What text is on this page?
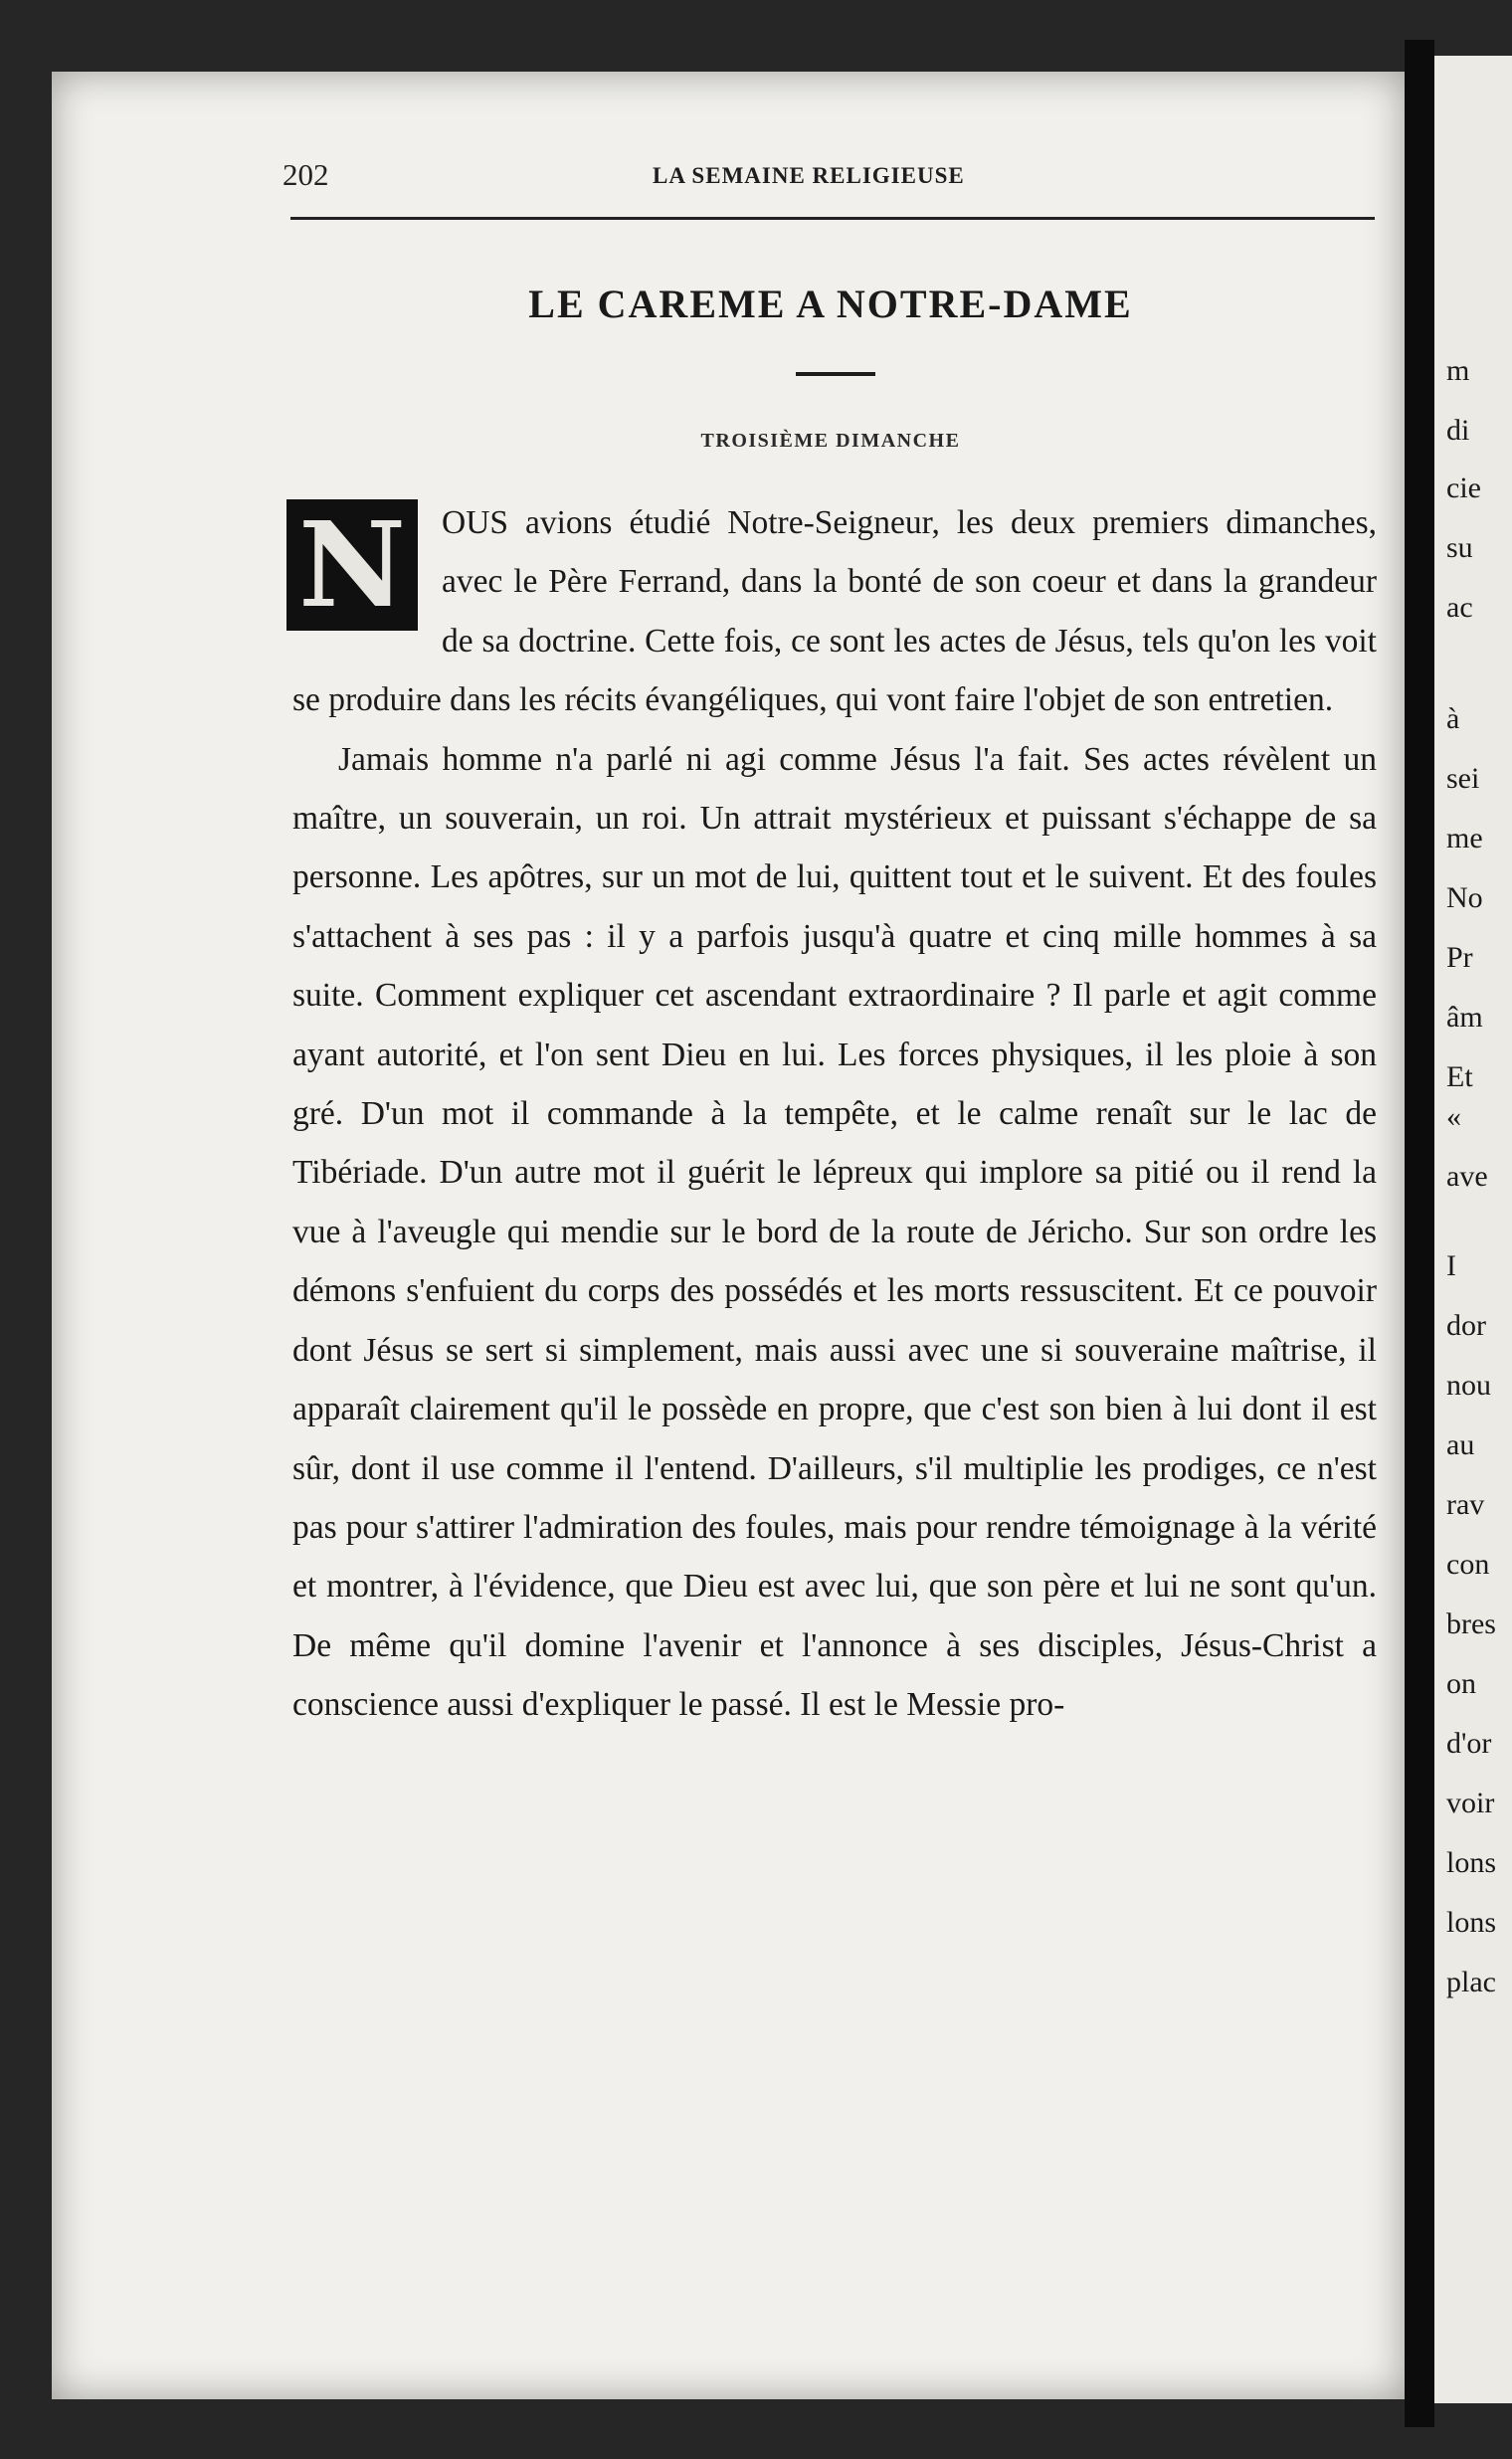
m
di
cie
su
ac
à
sei
me
No
Pr
âm
Et
«
ave
I
dor
nou
au
rav
con
bres
on
d'or
voir
lons
lons
plac
202	LA SEMAINE RELIGIEUSE
LE CAREME A NOTRE-DAME
TROISIÈME DIMANCHE

N	OUS avions étudié Notre-Seigneur, les deux premiers dimanches, avec le Père Ferrand, dans la bonté de son coeur et dans la grandeur de sa doctrine. Cette fois, ce sont les actes de Jésus, tels qu'on les voit se produire dans les récits évangéliques, qui vont faire l'objet de son entretien.

Jamais homme n'a parlé ni agi comme Jésus l'a fait. Ses actes révèlent un maître, un souverain, un roi. Un attrait mystérieux et puissant s'échappe de sa personne. Les apôtres, sur un mot de lui, quittent tout et le suivent. Et des foules s'attachent à ses pas : il y a parfois jusqu'à quatre et cinq mille hommes à sa suite. Comment expliquer cet ascendant extraordinaire ? Il parle et agit comme ayant autorité, et l'on sent Dieu en lui. Les forces physiques, il les ploie à son gré. D'un mot il commande à la tempête, et le calme renaît sur le lac de Tibériade. D'un autre mot il guérit le lépreux qui implore sa pitié ou il rend la vue à l'aveugle qui mendie sur le bord de la route de Jéricho. Sur son ordre les démons s'enfuient du corps des possédés et les morts ressuscitent. Et ce pouvoir dont Jésus se sert si simplement, mais aussi avec une si souveraine maîtrise, il apparaît clairement qu'il le possède en propre, que c'est son bien à lui dont il est sûr, dont il use comme il l'entend. D'ailleurs, s'il multiplie les prodiges, ce n'est pas pour s'attirer l'admiration des foules, mais pour rendre témoignage à la vérité et montrer, à l'évidence, que Dieu est avec lui, que son père et lui ne sont qu'un. De même qu'il domine l'avenir et l'annonce à ses disciples, Jésus-Christ a conscience aussi d'expliquer le passé. Il est le Messie pro-
